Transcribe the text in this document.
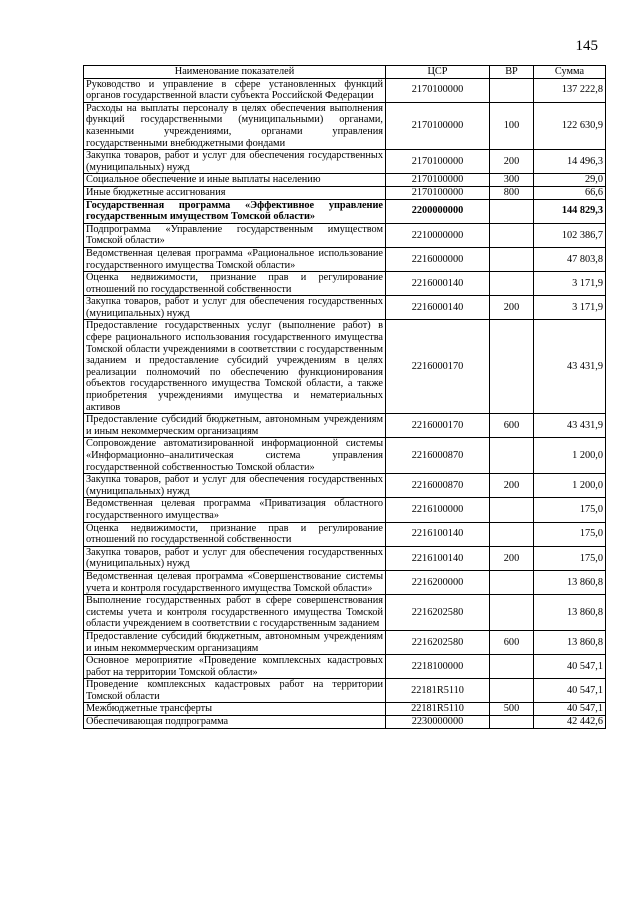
145
Наименование показателей	ЦСР	ВР	Сумма
Руководство и управление в сфере установленных функций органов государственной власти субъекта Российской Федерации	2170100000		137 222,8
Расходы на выплаты персоналу в целях обеспечения выполнения функций государственными (муниципальными) органами, казенными учреждениями, органами управления государственными внебюджетными фондами	2170100000	100	122 630,9
Закупка товаров, работ и услуг для обеспечения государственных (муниципальных) нужд	2170100000	200	14 496,3
Социальное обеспечение и иные выплаты населению	2170100000	300	29,0
Иные бюджетные ассигнования	2170100000	800	66,6
Государственная программа «Эффективное управление государственным имуществом Томской области»	2200000000		144 829,3
Подпрограмма «Управление государственным имуществом Томской области»	2210000000		102 386,7
Ведомственная целевая программа «Рациональное использование государственного имущества Томской области»	2216000000		47 803,8
Оценка недвижимости, признание прав и регулирование отношений по государственной собственности	2216000140		3 171,9
Закупка товаров, работ и услуг для обеспечения государственных (муниципальных) нужд	2216000140	200	3 171,9
Предоставление государственных услуг (выполнение работ) в сфере рационального использования государственного имущества Томской области учреждениями в соответствии с государственным заданием и предоставление субсидий учреждениям в целях реализации полномочий по обеспечению функционирования объектов государственного имущества Томской области, а также приобретения учреждениями имущества и нематериальных активов	2216000170		43 431,9
Предоставление субсидий бюджетным, автономным учреждениям и иным некоммерческим организациям	2216000170	600	43 431,9
Сопровождение автоматизированной информационной системы «Информационно–аналитическая система управления государственной собственностью Томской области»	2216000870		1 200,0
Закупка товаров, работ и услуг для обеспечения государственных (муниципальных) нужд	2216000870	200	1 200,0
Ведомственная целевая программа «Приватизация областного государственного имущества»	2216100000		175,0
Оценка недвижимости, признание прав и регулирование отношений по государственной собственности	2216100140		175,0
Закупка товаров, работ и услуг для обеспечения государственных (муниципальных) нужд	2216100140	200	175,0
Ведомственная целевая программа «Совершенствование системы учета и контроля государственного имущества Томской области»	2216200000		13 860,8
Выполнение государственных работ в сфере совершенствования системы учета и контроля государственного имущества Томской области учреждением в соответствии с государственным заданием	2216202580		13 860,8
Предоставление субсидий бюджетным, автономным учреждениям и иным некоммерческим организациям	2216202580	600	13 860,8
Основное мероприятие «Проведение комплексных кадастровых работ на территории Томской области»	2218100000		40 547,1
Проведение комплексных кадастровых работ на территории Томской области	22181R5110		40 547,1
Межбюджетные трансферты	22181R5110	500	40 547,1
Обеспечивающая подпрограмма	2230000000		42 442,6
